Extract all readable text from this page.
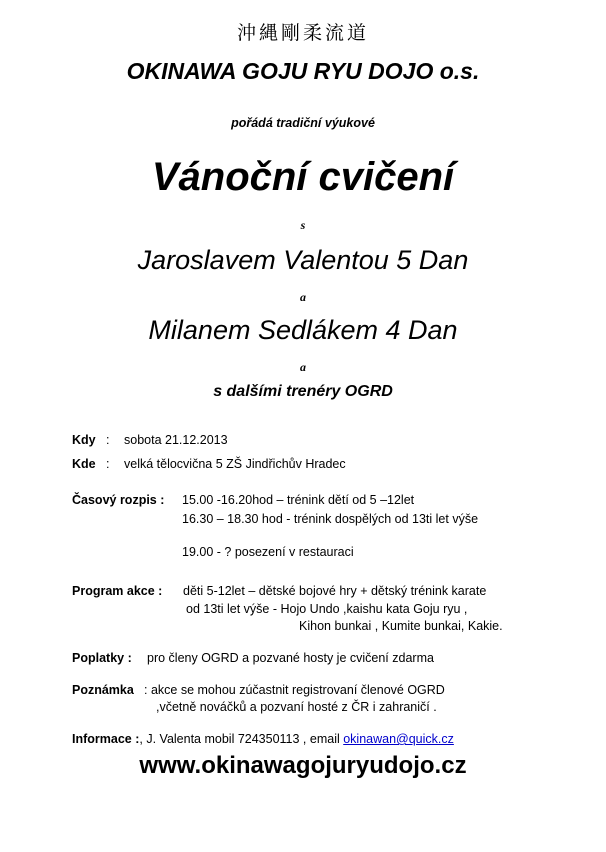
沖縄剛柔流道
OKINAWA GOJU RYU DOJO o.s.
pořádá tradiční výukové
Vánoční cvičení
s
Jaroslavem Valentou 5 Dan
a
Milanem Sedlákem 4 Dan
a
s dalšími trenéry OGRD
Kdy : sobota 21.12.2013
Kde : velká tělocvična 5 ZŠ Jindřichův Hradec
Časový rozpis : 15.00 -16.20hod – trénink dětí od 5 –12let
16.30 – 18.30 hod - trénink dospělých od 13ti let výše
19.00 - ? posezení v restauraci
Program akce : děti 5-12let – dětské bojové hry + dětský trénink karate
od 13ti let výše - Hojo Undo ,kaishu kata Goju ryu ,
Kihon bunkai , Kumite bunkai, Kakie.
Poplatky : pro členy OGRD a pozvané hosty je cvičení zdarma
Poznámka : akce se mohou zúčastnit registrovaní členové OGRD
,včetně nováčků a pozvaní hosté z ČR i zahraničí .
Informace :, J. Valenta mobil 724350113 , email okinawan@quick.cz
www.okinawagojuryudojo.cz
